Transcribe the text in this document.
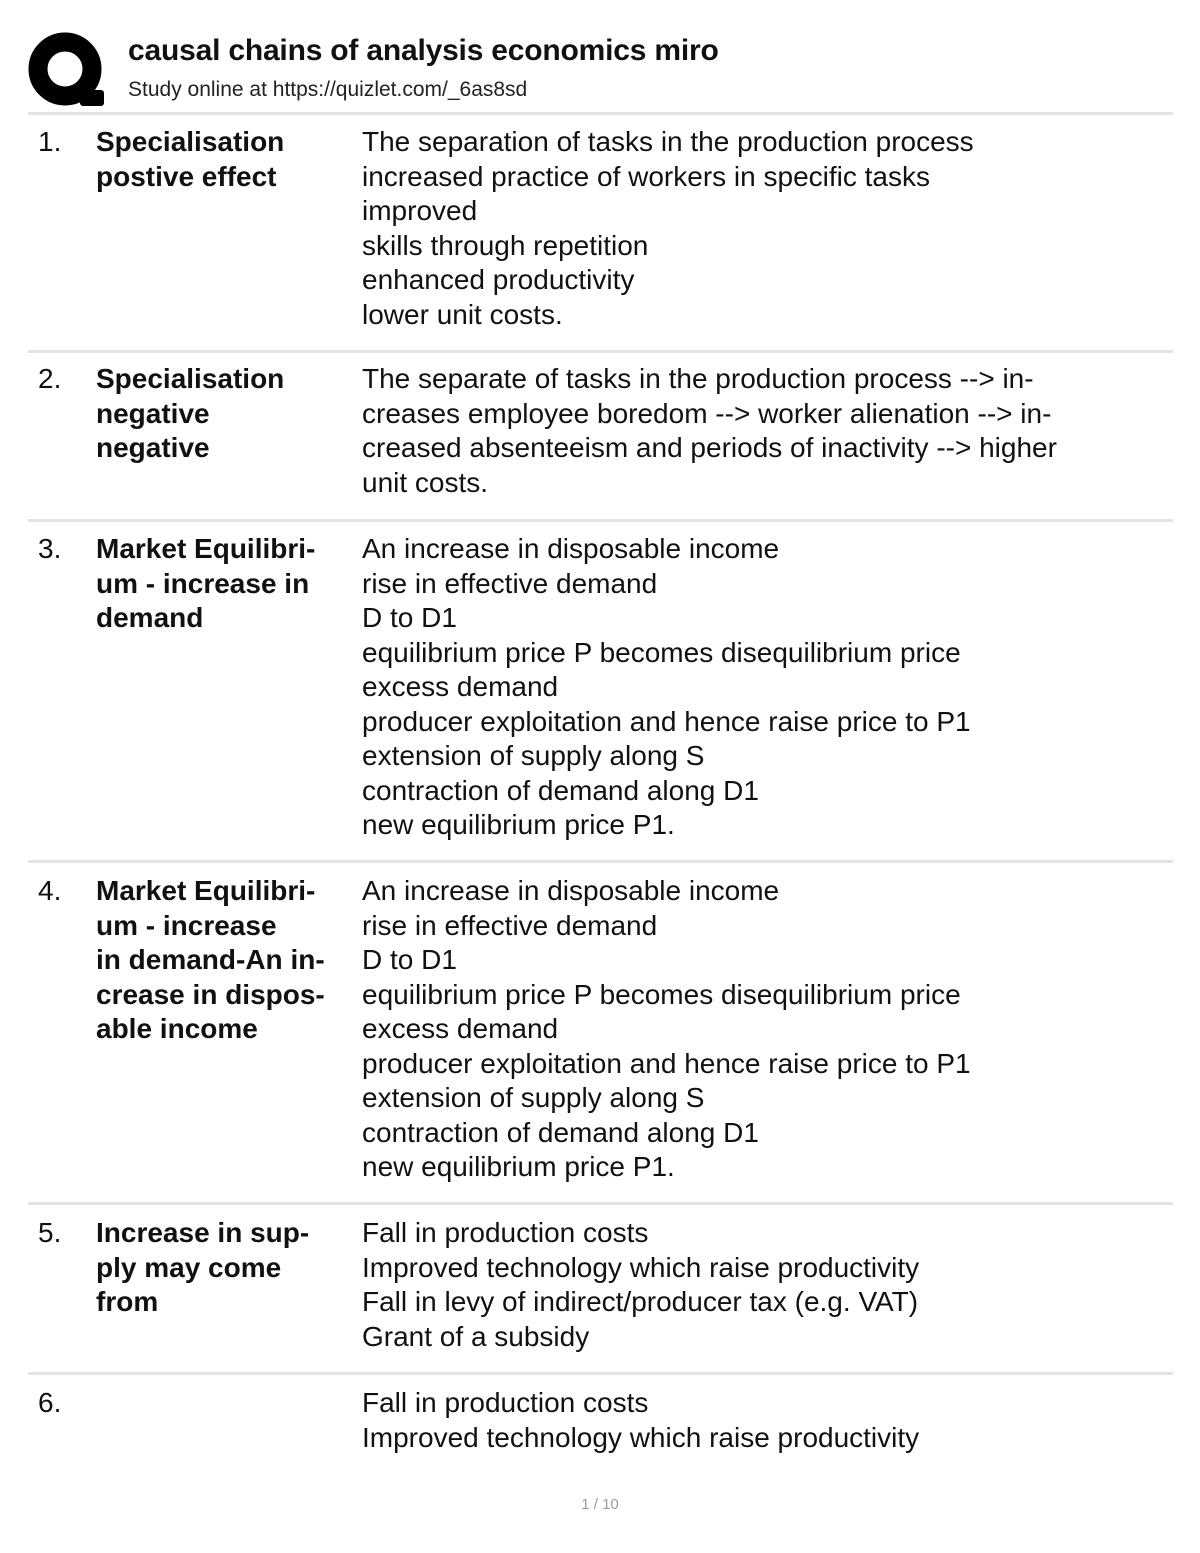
causal chains of analysis economics miro
Study online at https://quizlet.com/_6as8sd
1. Specialisation
postive effect
The separation of tasks in the production process
increased practice of workers in specific tasks
improved
skills through repetition
enhanced productivity
lower unit costs.
2. Specialisation
negative
negative
The separate of tasks in the production process --> in-
creases employee boredom --> worker alienation --> in-
creased absenteeism and periods of inactivity --> higher
unit costs.
3. Market Equilibri-
um - increase in
demand
An increase in disposable income
rise in effective demand
D to D1
equilibrium price P becomes disequilibrium price
excess demand
producer exploitation and hence raise price to P1
extension of supply along S
contraction of demand along D1
new equilibrium price P1.
4. Market Equilibri-
um - increase
in demand-An in-
crease in dispos-
able income
An increase in disposable income
rise in effective demand
D to D1
equilibrium price P becomes disequilibrium price
excess demand
producer exploitation and hence raise price to P1
extension of supply along S
contraction of demand along D1
new equilibrium price P1.
5. Increase in sup-
ply may come
from
Fall in production costs
Improved technology which raise productivity
Fall in levy of indirect/producer tax (e.g. VAT)
Grant of a subsidy
6.	Fall in production costs
Improved technology which raise productivity
1 / 10
